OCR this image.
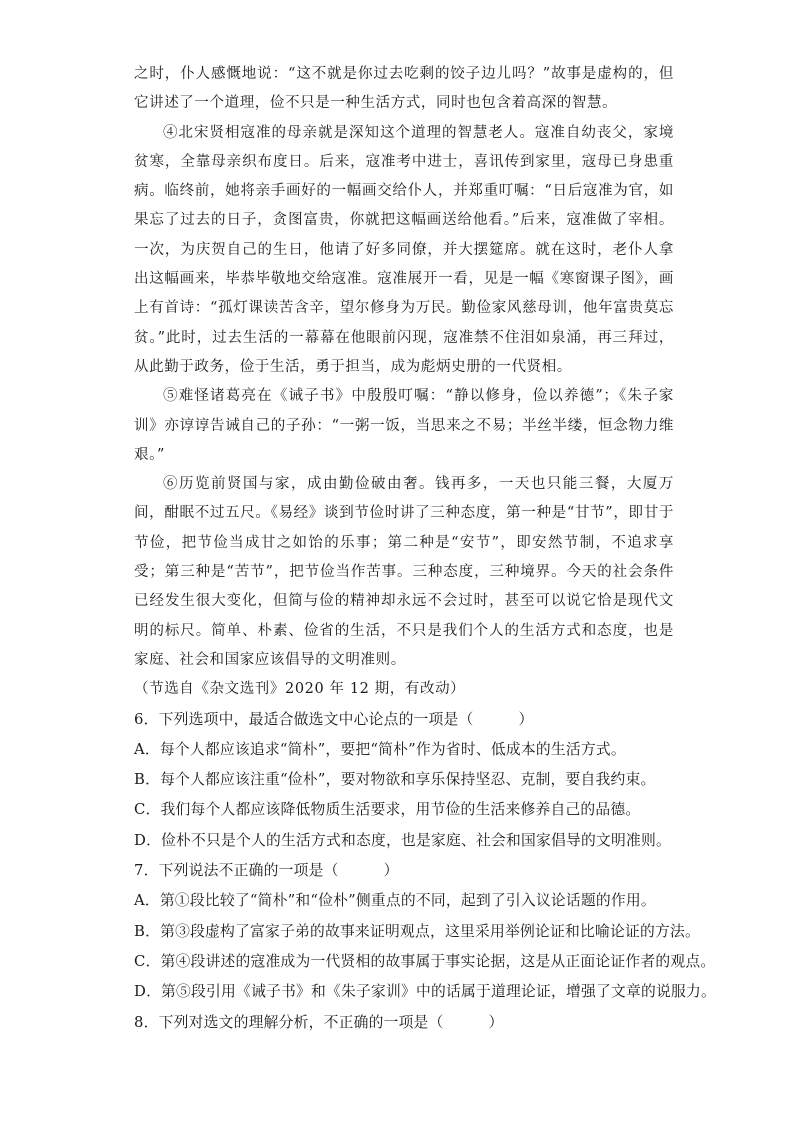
之时，仆人感慨地说：“这不就是你过去吃剩的饺子边儿吗？”故事是虚构的，但它讲述了一个道理，俭不只是一种生活方式，同时也包含着高深的智慧。

④北宋贤相寇准的母亲就是深知这个道理的智慧老人。寇准自幼丧父，家境贫寒，全靠母亲织布度日。后来，寇准考中进士，喜讯传到家里，寇母已身患重病。临终前，她将亲手画好的一幅画交给仆人，并郑重叮嘱：“日后寇准为官，如果忘了过去的日子，贪图富贵，你就把这幅画送给他看。”后来，寇准做了宰相。一次，为庆贺自己的生日，他请了好多同僚，并大摆筵席。就在这时，老仆人拿出这幅画来，毕恭毕敬地交给寇准。寇准展开一看，见是一幅《寒窗课子图》，画上有首诗：“孤灯课读苦含辛，望尔修身为万民。勤俭家风慈母训，他年富贵莫忘贫。”此时，过去生活的一幕幕在他眼前闪现，寇准禁不住泪如泉涌，再三拜过，从此勤于政务，俭于生活，勇于担当，成为彪炳史册的一代贤相。

⑤难怪诸葛亮在《诫子书》中殷殷叮嘱：“静以修身，俭以养德”；《朱子家训》亦谆谆告诫自己的子孙：“一粥一饭，当思来之不易；半丝半缕，恒念物力维艰。”

⑥历览前贤国与家，成由勤俭破由奢。钱再多，一天也只能三餐，大厦万间，酣眠不过五尺。《易经》谈到节俭时讲了三种态度，第一种是“甘节”，即甘于节俭，把节俭当成甘之如饴的乐事；第二种是“安节”，即安然节制，不追求享受；第三种是“苦节”，把节俭当作苦事。三种态度，三种境界。今天的社会条件已经发生很大变化，但简与俭的精神却永远不会过时，甚至可以说它恰是现代文明的标尺。简单、朴素、俭省的生活，不只是我们个人的生活方式和态度，也是家庭、社会和国家应该倡导的文明准则。

（节选自《杂文选刊》2020 年 12 期，有改动）

6．下列选项中，最适合做选文中心论点的一项是（　　　）

A．每个人都应该追求“简朴”，要把“简朴”作为省时、低成本的生活方式。

B．每个人都应该注重“俭朴”，要对物欲和享乐保持坚忍、克制，要自我约束。

C．我们每个人都应该降低物质生活要求，用节俭的生活来修养自己的品德。

D．俭朴不只是个人的生活方式和态度，也是家庭、社会和国家倡导的文明准则。

7．下列说法不正确的一项是（　　　）

A．第①段比较了“简朴”和“俭朴”侧重点的不同，起到了引入议论话题的作用。

B．第③段虚构了富家子弟的故事来证明观点，这里采用举例论证和比喻论证的方法。

C．第④段讲述的寇准成为一代贤相的故事属于事实论据，这是从正面论证作者的观点。

D．第⑤段引用《诫子书》和《朱子家训》中的话属于道理论证，增强了文章的说服力。

8．下列对选文的理解分析，不正确的一项是（　　　）
